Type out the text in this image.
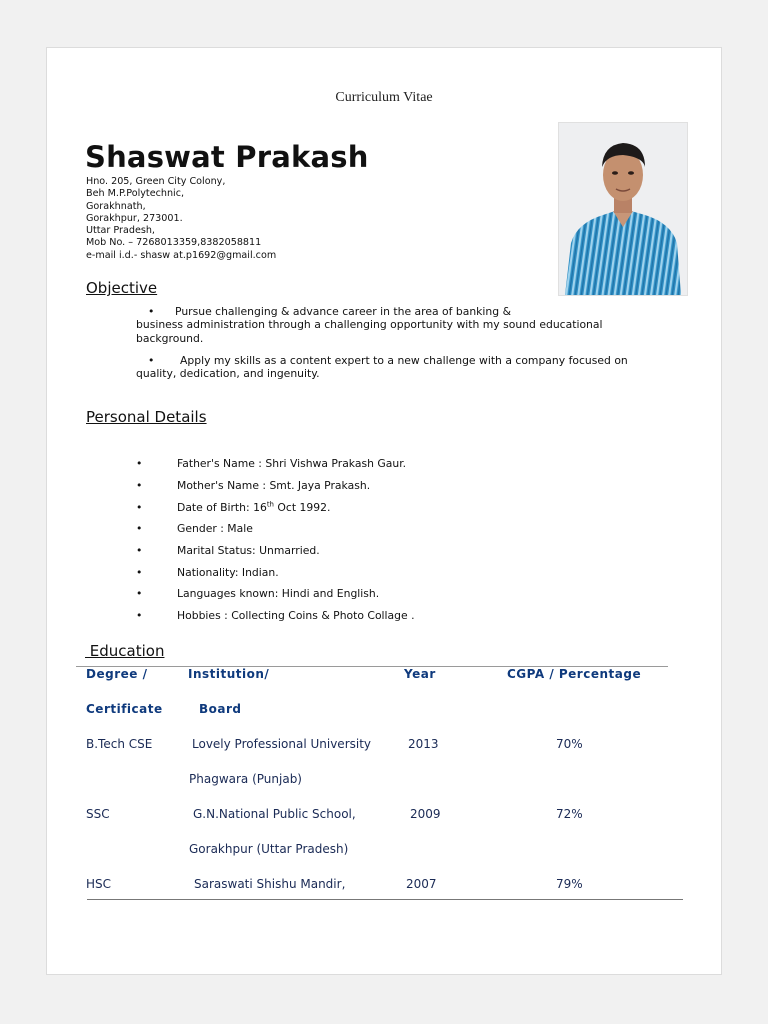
Curriculum Vitae
Shaswat Prakash
Hno. 205, Green City Colony,
Beh M.P.Polytechnic,
Gorakhnath,
Gorakhpur, 273001.
Uttar Pradesh,
Mob No. – 7268013359,8382058811
e-mail i.d.- shasw at.p1692@gmail.com
Objective
• Pursue challenging & advance career in the area of banking &
business administration through a challenging opportunity with my sound educational background.
• Apply my skills as a content expert to a new challenge with a company focused on
quality, dedication, and ingenuity.
Personal Details
•	Father's Name : Shri Vishwa Prakash Gaur.
•	Mother's Name : Smt. Jaya Prakash.
•	Date of Birth: 16th Oct 1992.
•	Gender : Male
•	Marital Status: Unmarried.
•	Nationality: Indian.
•	Languages known: Hindi and English.
•	Hobbies : Collecting Coins & Photo Collage .
Education
Degree /	Institution/	Year	CGPA / Percentage
Certificate	Board
B.Tech CSE	Lovely Professional University	2013	70%
Phagwara (Punjab)
SSC	G.N.National Public School,	2009	72%
Gorakhpur (Uttar Pradesh)
HSC	Saraswati Shishu Mandir,	2007	79%
